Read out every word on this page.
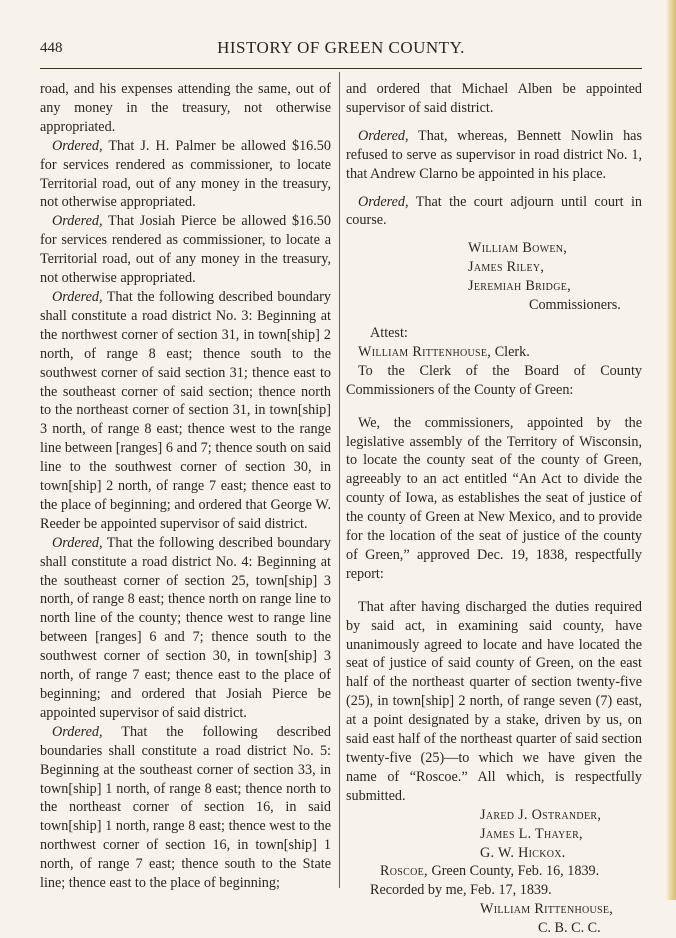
448	HISTORY OF GREEN COUNTY.

road, and his expenses attending the same, out of any money in the treasury, not otherwise appropriated.

Ordered, That J. H. Palmer be allowed $16.50 for services rendered as commissioner, to locate Territorial road, out of any money in the treasury, not otherwise appropriated.

Ordered, That Josiah Pierce be allowed $16.50 for services rendered as commissioner, to locate a Territorial road, out of any money in the treasury, not otherwise appropriated.

Ordered, That the following described boundary shall constitute a road district No. 3: Beginning at the northwest corner of section 31, in town[ship] 2 north, of range 8 east; thence south to the southwest corner of said section 31; thence east to the southeast corner of said section; thence north to the northeast corner of section 31, in town[ship] 3 north, of range 8 east; thence west to the range line between [ranges] 6 and 7; thence south on said line to the southwest corner of section 30, in town[ship] 2 north, of range 7 east; thence east to the place of beginning; and ordered that George W. Reeder be appointed supervisor of said district.

Ordered, That the following described boundary shall constitute a road district No. 4: Beginning at the southeast corner of section 25, town[ship] 3 north, of range 8 east; thence north on range line to north line of the county; thence west to range line between [ranges] 6 and 7; thence south to the southwest corner of section 30, in town[ship] 3 north, of range 7 east; thence east to the place of beginning; and ordered that Josiah Pierce be appointed supervisor of said district.

Ordered, That the following described boundaries shall constitute a road district No. 5: Beginning at the southeast corner of section 33, in town[ship] 1 north, of range 8 east; thence north to the northeast corner of section 16, in said town[ship] 1 north, range 8 east; thence west to the northwest corner of section 16, in town[ship] 1 north, of range 7 east; thence south to the State line; thence east to the place of beginning;

and ordered that Michael Alben be appointed supervisor of said district.

Ordered, That, whereas, Bennett Nowlin has refused to serve as supervisor in road district No. 1, that Andrew Clarno be appointed in his place.

Ordered, That the court adjourn until court in course.

William Bowen,

James Riley,

Jeremiah Bridge,

Commissioners.

Attest:

William Rittenhouse, Clerk.

To the Clerk of the Board of County Commissioners of the County of Green:

We, the commissioners, appointed by the legislative assembly of the Territory of Wisconsin, to locate the county seat of the county of Green, agreeably to an act entitled “An Act to divide the county of Iowa, as establishes the seat of justice of the county of Green at New Mexico, and to provide for the location of the seat of justice of the county of Green,” approved Dec. 19, 1838, respectfully report:

That after having discharged the duties required by said act, in examining said county, have unanimously agreed to locate and have located the seat of justice of said county of Green, on the east half of the northeast quarter of section twenty-five (25), in town[ship] 2 north, of range seven (7) east, at a point designated by a stake, driven by us, on said east half of the northeast quarter of said section twenty-five (25)—to which we have given the name of “Roscoe.” All which, is respectfully submitted.

Jared J. Ostrander,

James L. Thayer,

G. W. Hickox.

Roscoe, Green County, Feb. 16, 1839.

Recorded by me, Feb. 17, 1839.

William Rittenhouse,

C. B. C. C.
